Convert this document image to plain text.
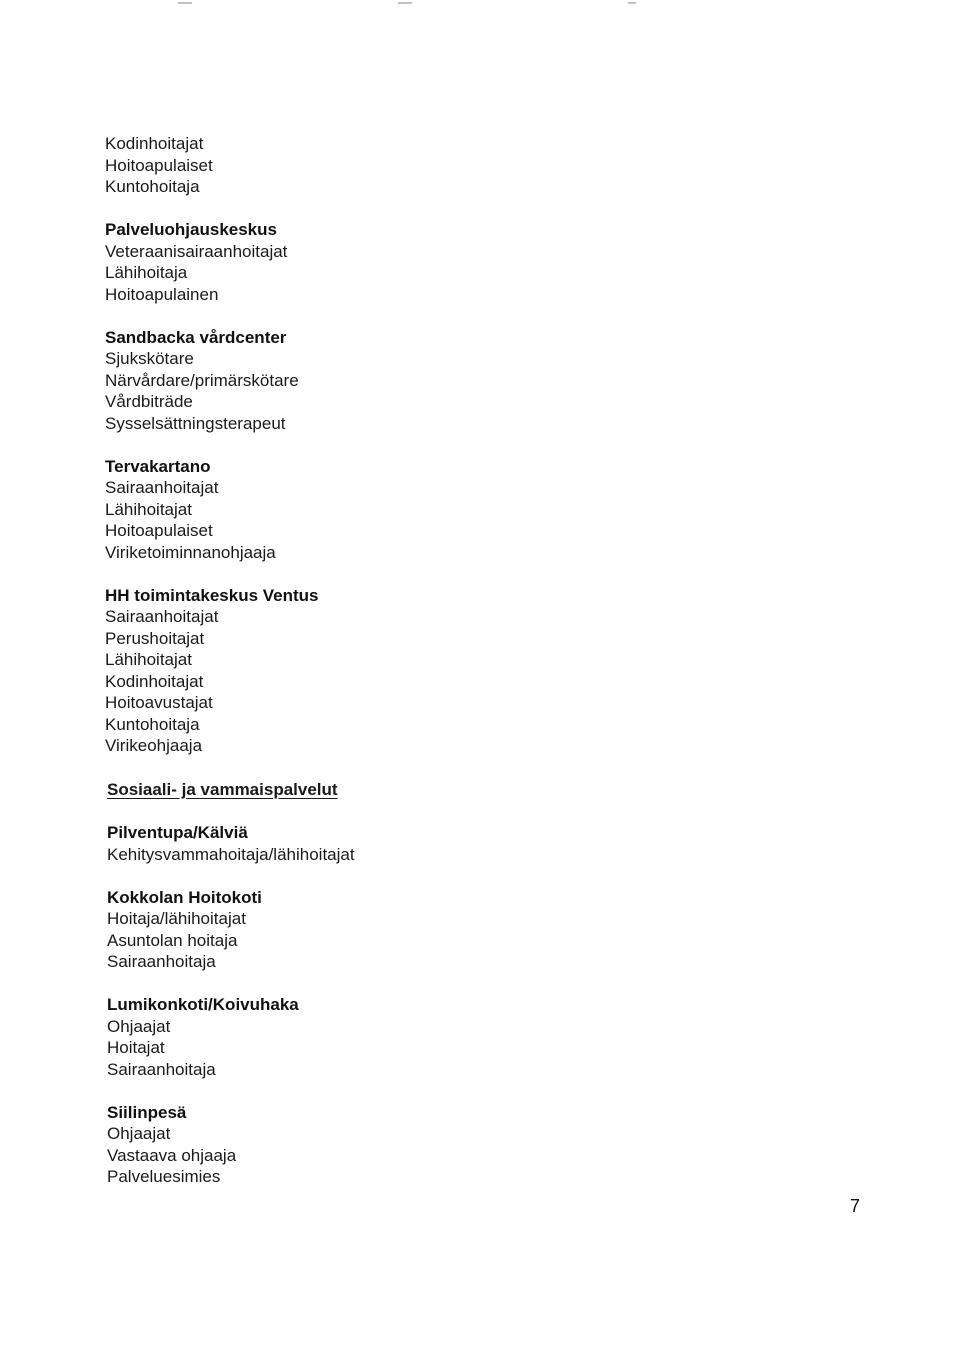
Kodinhoitajat
Hoitoapulaiset
Kuntohoitaja
Palveluohjauskeskus
Veteraanisairaanhoitajat
Lähihoitaja
Hoitoapulainen
Sandbacka vårdcenter
Sjukskötare
Närvårdare/primärskötare
Vårdbiträde
Sysselsättningsterapeut
Tervakartano
Sairaanhoitajat
Lähihoitajat
Hoitoapulaiset
Viriketoiminnanohjaaja
HH toimintakeskus Ventus
Sairaanhoitajat
Perushoitajat
Lähihoitajat
Kodinhoitajat
Hoitoavustajat
Kuntohoitaja
Virikeohjaaja
Sosiaali- ja vammaispalvelut
Pilventupa/Kälviä
Kehitysvammahoitaja/lähihoitajat
Kokkolan Hoitokoti
Hoitaja/lähihoitajat
Asuntolan hoitaja
Sairaanhoitaja
Lumikonkoti/Koivuhaka
Ohjaajat
Hoitajat
Sairaanhoitaja
Siilinpesä
Ohjaajat
Vastaava ohjaaja
Palveluesimies
7
